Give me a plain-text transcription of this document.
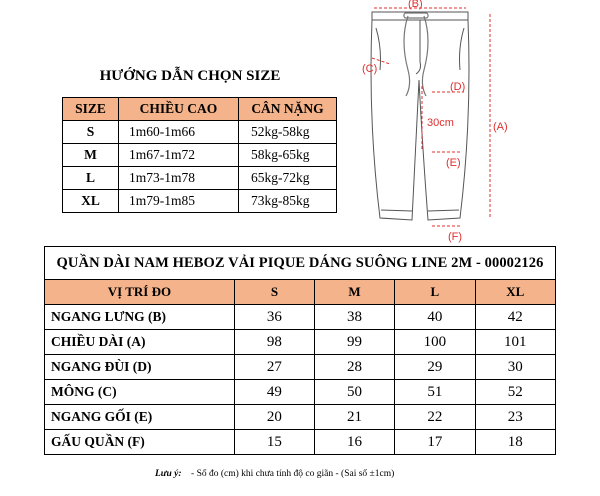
HƯỚNG DẪN CHỌN SIZE
SIZE	CHIỀU CAO	CÂN NẶNG
S	1m60-1m66	52kg-58kg
M	1m67-1m72	58kg-65kg
L	1m73-1m78	65kg-72kg
XL	1m79-1m85	73kg-85kg
(B)
(A)
(C)
(D)
30cm
(E)
(F)
QUẦN DÀI NAM HEBOZ VẢI PIQUE DÁNG SUÔNG LINE 2M - 00002126				
VỊ TRÍ ĐO	S	M	L	XL
NGANG LƯNG (B)	36	38	40	42
CHIỀU DÀI (A)	98	99	100	101
NGANG ĐÙI (D)	27	28	29	30
MÔNG (C)	49	50	51	52
NGANG GỐI (E)	20	21	22	23
GẤU QUẦN (F)	15	16	17	18
Lưu ý: - Số đo (cm) khi chưa tính độ co giãn - (Sai số ±1cm)
